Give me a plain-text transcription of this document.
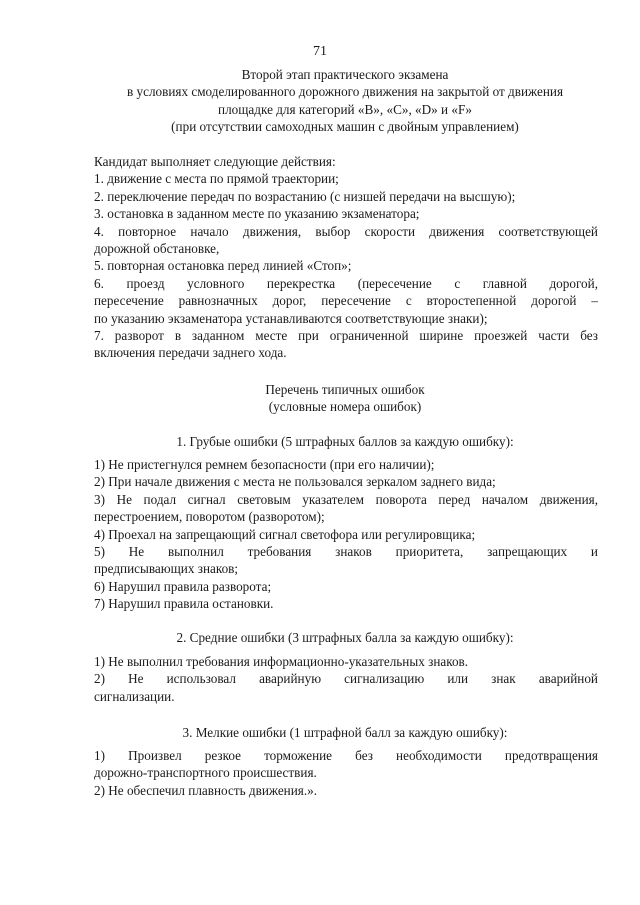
71
Второй этап практического экзамена
в условиях смоделированного дорожного движения на закрытой от движения
площадке для категорий «В», «С», «D» и «F»
(при отсутствии самоходных машин с двойным управлением)
Кандидат выполняет следующие действия:
1. движение с места по прямой траектории;
2. переключение передач по возрастанию (с низшей передачи на высшую);
3. остановка в заданном месте по указанию экзаменатора;
4. повторное начало движения, выбор скорости движения соответствующей
дорожной обстановке,
5. повторная остановка перед линией «Стоп»;
6. проезд условного перекрестка (пересечение с главной дорогой,
пересечение равнозначных дорог, пересечение с второстепенной дорогой –
по указанию экзаменатора устанавливаются соответствующие знаки);
7. разворот в заданном месте при ограниченной ширине проезжей части без
включения передачи заднего хода.
Перечень типичных ошибок
(условные номера ошибок)
1. Грубые ошибки (5 штрафных баллов за каждую ошибку):
1) Не пристегнулся ремнем безопасности (при его наличии);
2) При начале движения с места не пользовался зеркалом заднего вида;
3) Не подал сигнал световым указателем поворота перед началом движения,
перестроением, поворотом (разворотом);
4) Проехал на запрещающий сигнал светофора или регулировщика;
5) Не выполнил требования знаков приоритета, запрещающих и
предписывающих знаков;
6) Нарушил правила разворота;
7) Нарушил правила остановки.
2. Средние ошибки (3 штрафных балла за каждую ошибку):
1) Не выполнил требования информационно-указательных знаков.
2) Не использовал аварийную сигнализацию или знак аварийной
сигнализации.
3. Мелкие ошибки (1 штрафной балл за каждую ошибку):
1) Произвел резкое торможение без необходимости предотвращения
дорожно-транспортного происшествия.
2) Не обеспечил плавность движения.».
